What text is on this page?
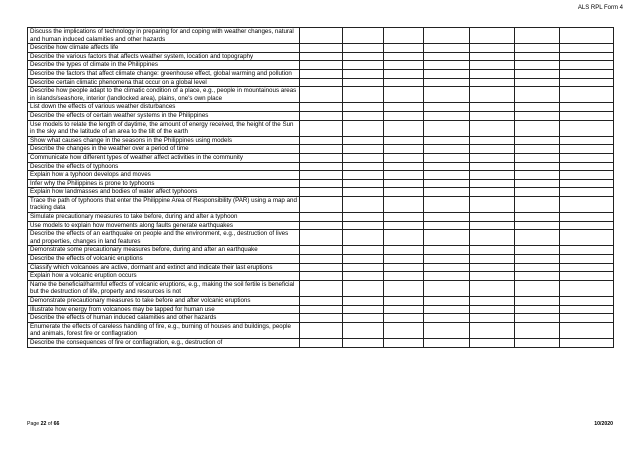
ALS RPL Form 4
Discuss the implications of technology in preparing for and coping with weather changes, natural and human induced calamities and other hazards							
Describe how climate affects life							
Describe the various factors that affects weather system, location and topography							
Describe the types of climate in the Philippines							
Describe the factors that affect climate change: greenhouse effect, global warming and pollution							
Describe certain climatic phenomena that occur on a global level							
Describe how people adapt to the climatic condition of a place, e.g., people in mountainous areas in islands/seashore, interior (landlocked area), plains, one's own place							
List down the effects of various weather disturbances							
Describe the effects of certain weather systems in the Philippines							
Use models to relate the length of daytime, the amount of energy received, the height of the Sun in the sky and the latitude of an area to the tilt of the earth							
Show what causes change in the seasons in the Philippines using models							
Describe the changes in the weather over a period of time							
Communicate how different types of weather affect activities in the community							
Describe the effects of typhoons							
Explain how a typhoon develops and moves							
Infer why the Philippines is prone to typhoons							
Explain how landmasses and bodies of water affect typhoons							
Trace the path of typhoons that enter the Philippine Area of Responsibility (PAR) using a map and tracking data							
Simulate precautionary measures to take before, during and after a typhoon							
Use models to explain how movements along faults generate earthquakes							
Describe the effects of an earthquake on people and the environment, e.g., destruction of lives and properties, changes in land features							
Demonstrate some precautionary measures before, during and after an earthquake							
Describe the effects of volcanic eruptions							
Classify which volcanoes are active, dormant and extinct and indicate their last eruptions							
Explain how a volcanic eruption occurs							
Name the beneficial/harmful effects of volcanic eruptions, e.g., making the soil fertile is beneficial but the destruction of life, property and resources is not							
Demonstrate precautionary measures to take before and after volcanic eruptions							
Illustrate how energy from volcanoes may be tapped for human use							
Describe the effects of human induced calamities and other hazards							
Enumerate the effects of careless handling of fire, e.g., burning of houses and buildings, people and animals, forest fire or conflagration							
Describe the consequences of fire or conflagration, e.g., destruction of							
Page 22 of 66	10/2020
